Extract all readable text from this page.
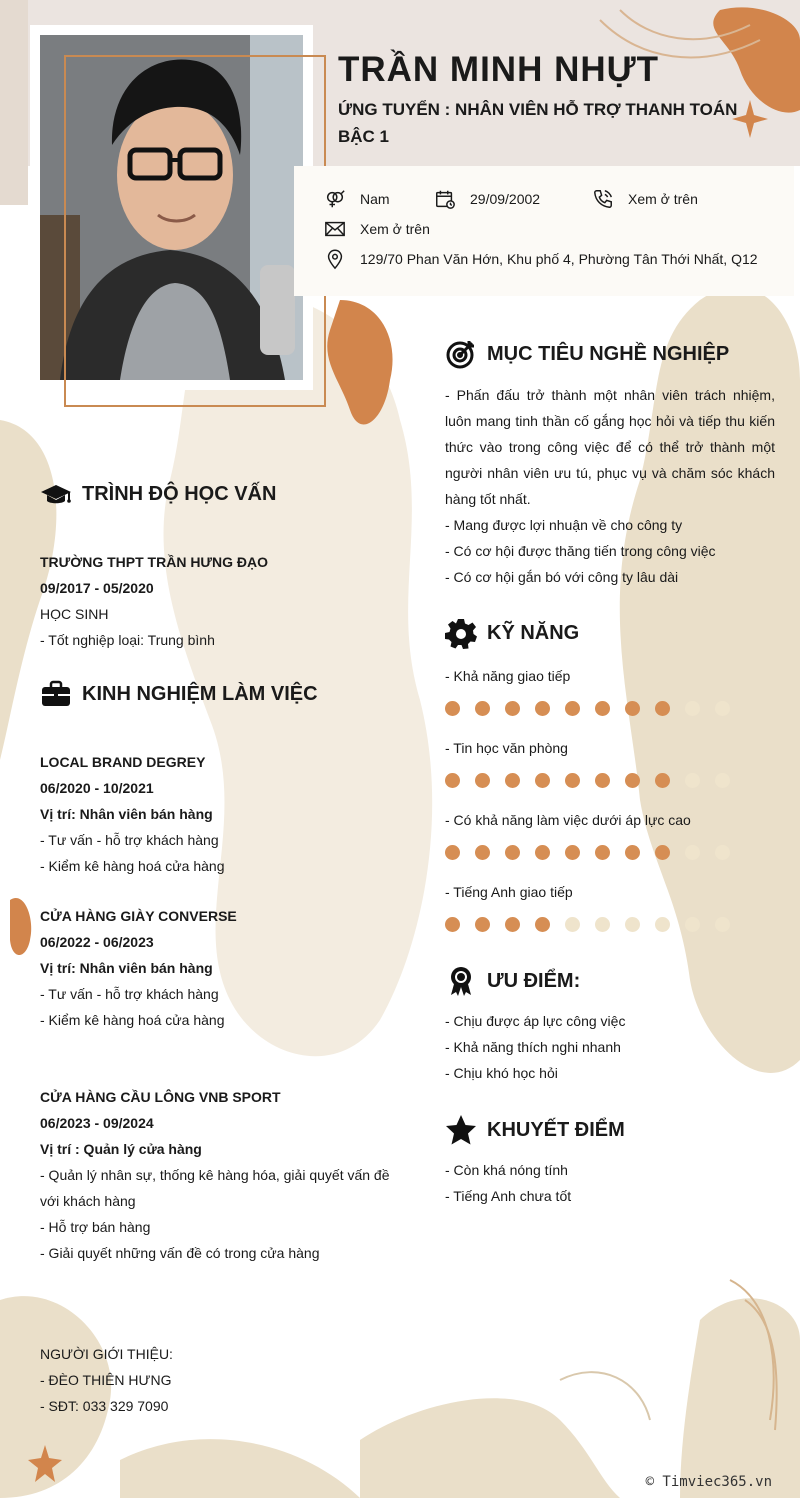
TRẦN MINH NHỰT
ỨNG TUYỂN : NHÂN VIÊN HỖ TRỢ THANH TOÁN
BẬC 1
Nam	29/09/2002	Xem ở trên
Xem ở trên
129/70 Phan Văn Hớn, Khu phố 4, Phường Tân Thới Nhất, Q12
TRÌNH ĐỘ HỌC VẤN
TRƯỜNG THPT TRẦN HƯNG ĐẠO
09/2017 - 05/2020
HỌC SINH
- Tốt nghiệp loại: Trung bình
KINH NGHIỆM LÀM VIỆC
LOCAL BRAND DEGREY
06/2020 - 10/2021
Vị trí: Nhân viên bán hàng
- Tư vấn - hỗ trợ khách hàng
- Kiểm kê hàng hoá cửa hàng
CỬA HÀNG GIÀY CONVERSE
06/2022 - 06/2023
Vị trí: Nhân viên bán hàng
- Tư vấn - hỗ trợ khách hàng
- Kiểm kê hàng hoá cửa hàng
CỬA HÀNG CẦU LÔNG VNB SPORT
06/2023 - 09/2024
Vị trí : Quản lý cửa hàng
- Quản lý nhân sự, thống kê hàng hóa, giải quyết vấn đề
với khách hàng
- Hỗ trợ bán hàng
- Giải quyết những vấn đề có trong cửa hàng
NGƯỜI GIỚI THIỆU:
- ĐÈO THIÊN HƯNG
- SĐT: 033 329 7090
MỤC TIÊU NGHỀ NGHIỆP

- Phấn đấu trở thành một nhân viên trách nhiệm, luôn mang tinh thần cố gắng học hỏi và tiếp thu kiến thức vào trong công việc để có thể trở thành một người nhân viên ưu tú, phục vụ và chăm sóc khách hàng tốt nhất.

- Mang được lợi nhuận về cho công ty

- Có cơ hội được thăng tiến trong công việc

- Có cơ hội gắn bó với công ty lâu dài

KỸ NĂNG
- Khả năng giao tiếp
- Tin học văn phòng
- Có khả năng làm việc dưới áp lực cao
- Tiếng Anh giao tiếp
ƯU ĐIỂM:
- Chịu được áp lực công việc
- Khả năng thích nghi nhanh
- Chịu khó học hỏi
KHUYẾT ĐIỂM
- Còn khá nóng tính
- Tiếng Anh chưa tốt
© Timviec365.vn
